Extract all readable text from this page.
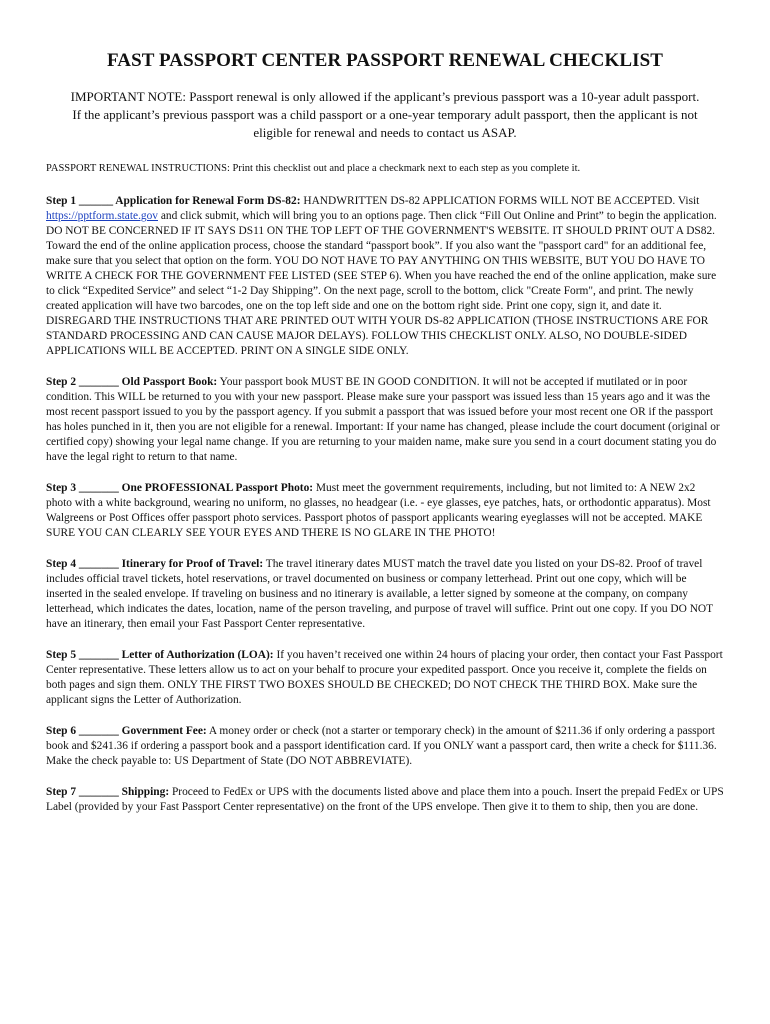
FAST PASSPORT CENTER PASSPORT RENEWAL CHECKLIST
IMPORTANT NOTE: Passport renewal is only allowed if the applicant’s previous passport was a 10-year adult passport.
If the applicant’s previous passport was a child passport or a one-year temporary adult passport, then the applicant is not
eligible for renewal and needs to contact us ASAP.
PASSPORT RENEWAL INSTRUCTIONS: Print this checklist out and place a checkmark next to each step as you complete it.
Step 1 ______ Application for Renewal Form DS-82: HANDWRITTEN DS-82 APPLICATION FORMS WILL NOT BE ACCEPTED. Visit https://pptform.state.gov and click submit, which will bring you to an options page. Then click “Fill Out Online and Print” to begin the application. DO NOT BE CONCERNED IF IT SAYS DS11 ON THE TOP LEFT OF THE GOVERNMENT'S WEBSITE. IT SHOULD PRINT OUT A DS82. Toward the end of the online application process, choose the standard “passport book”. If you also want the "passport card" for an additional fee, make sure that you select that option on the form. YOU DO NOT HAVE TO PAY ANYTHING ON THIS WEBSITE, BUT YOU DO HAVE TO WRITE A CHECK FOR THE GOVERNMENT FEE LISTED (SEE STEP 6). When you have reached the end of the online application, make sure to click “Expedited Service” and select “1-2 Day Shipping”. On the next page, scroll to the bottom, click "Create Form", and print. The newly created application will have two barcodes, one on the top left side and one on the bottom right side. Print one copy, sign it, and date it. DISREGARD THE INSTRUCTIONS THAT ARE PRINTED OUT WITH YOUR DS-82 APPLICATION (THOSE INSTRUCTIONS ARE FOR STANDARD PROCESSING AND CAN CAUSE MAJOR DELAYS). FOLLOW THIS CHECKLIST ONLY. ALSO, NO DOUBLE-SIDED APPLICATIONS WILL BE ACCEPTED. PRINT ON A SINGLE SIDE ONLY.
Step 2 _______ Old Passport Book: Your passport book MUST BE IN GOOD CONDITION. It will not be accepted if mutilated or in poor condition. This WILL be returned to you with your new passport. Please make sure your passport was issued less than 15 years ago and it was the most recent passport issued to you by the passport agency. If you submit a passport that was issued before your most recent one OR if the passport has holes punched in it, then you are not eligible for a renewal. Important: If your name has changed, please include the court document (original or certified copy) showing your legal name change. If you are returning to your maiden name, make sure you send in a court document stating you do have the legal right to return to that name.
Step 3 _______ One PROFESSIONAL Passport Photo: Must meet the government requirements, including, but not limited to: A NEW 2x2 photo with a white background, wearing no uniform, no glasses, no headgear (i.e. - eye glasses, eye patches, hats, or orthodontic apparatus). Most Walgreens or Post Offices offer passport photo services. Passport photos of passport applicants wearing eyeglasses will not be accepted. MAKE SURE YOU CAN CLEARLY SEE YOUR EYES AND THERE IS NO GLARE IN THE PHOTO!
Step 4 _______ Itinerary for Proof of Travel: The travel itinerary dates MUST match the travel date you listed on your DS-82. Proof of travel includes official travel tickets, hotel reservations, or travel documented on business or company letterhead. Print out one copy, which will be inserted in the sealed envelope. If traveling on business and no itinerary is available, a letter signed by someone at the company, on company letterhead, which indicates the dates, location, name of the person traveling, and purpose of travel will suffice. Print out one copy. If you DO NOT have an itinerary, then email your Fast Passport Center representative.
Step 5 _______ Letter of Authorization (LOA): If you haven’t received one within 24 hours of placing your order, then contact your Fast Passport Center representative. These letters allow us to act on your behalf to procure your expedited passport. Once you receive it, complete the fields on both pages and sign them. ONLY THE FIRST TWO BOXES SHOULD BE CHECKED; DO NOT CHECK THE THIRD BOX. Make sure the applicant signs the Letter of Authorization.
Step 6 _______ Government Fee: A money order or check (not a starter or temporary check) in the amount of $211.36 if only ordering a passport book and $241.36 if ordering a passport book and a passport identification card. If you ONLY want a passport card, then write a check for $111.36. Make the check payable to: US Department of State (DO NOT ABBREVIATE).
Step 7 _______ Shipping: Proceed to FedEx or UPS with the documents listed above and place them into a pouch. Insert the prepaid FedEx or UPS Label (provided by your Fast Passport Center representative) on the front of the UPS envelope. Then give it to them to ship, then you are done.
